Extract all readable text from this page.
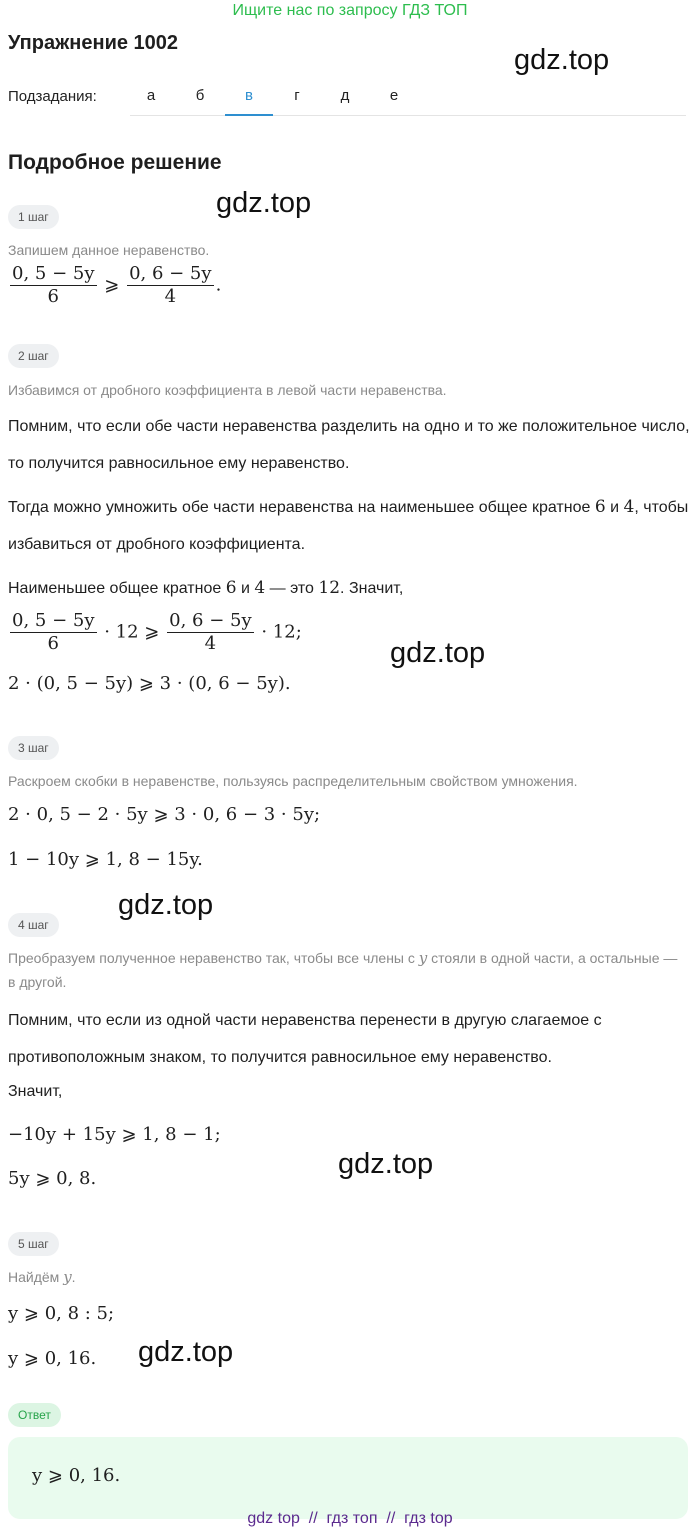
Ищите нас по запросу ГДЗ ТОП
Упражнение 1002
gdz.top
Подзадания:	а	б	в	г	д	е
Подробное решение
gdz.top
1 шаг
Запишем данное неравенство.
$\frac{0, 5 - 5y}{6}$ ⩾ $\frac{0, 6 - 5y}{4}$ .
2 шаг
Избавимся от дробного коэффициента в левой части неравенства.
Помним, что если обе части неравенства разделить на одно и то же положительное число, то получится равносильное ему неравенство.
Тогда можно умножить обе части неравенства на наименьшее общее кратное 6 и 4, чтобы избавиться от дробного коэффициента.
Наименьшее общее кратное 6 и 4 — это 12. Значит,
$\frac{0, 5 - 5y}{6} \cdot 12$ ⩾ $\frac{0, 6 - 5y}{4} \cdot 12$;
gdz.top
2 · (0, 5 − 5y) ⩾ 3 · (0, 6 − 5y).
3 шаг
Раскроем скобки в неравенстве, пользуясь распределительным свойством умножения.
2 · 0, 5 − 2 · 5y ⩾ 3 · 0, 6 − 3 · 5y;
1 − 10y ⩾ 1, 8 − 15y.
gdz.top
4 шаг
Преобразуем полученное неравенство так, чтобы все члены с y стояли в одной части, а остальные — в другой.
Помним, что если из одной части неравенства перенести в другую слагаемое с противоположным знаком, то получится равносильное ему неравенство.
Значит,
−10y + 15y ⩾ 1, 8 − 1;
gdz.top
5y ⩾ 0, 8.
5 шаг
Найдём y.
y ⩾ 0, 8 : 5;
gdz.top
y ⩾ 0, 16.
Ответ
y ⩾ 0, 16.
gdz top  //  гдз топ  //  гдз top
